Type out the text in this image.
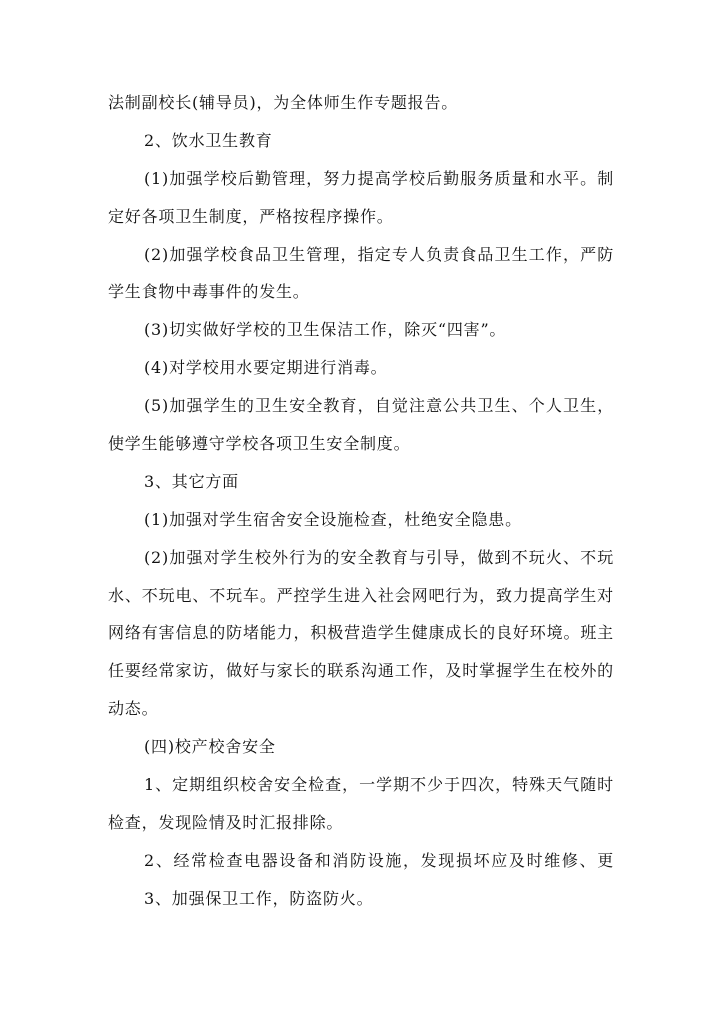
法制副校长(辅导员)，为全体师生作专题报告。
2、饮水卫生教育
(1)加强学校后勤管理，努力提高学校后勤服务质量和水平。制
定好各项卫生制度，严格按程序操作。
(2)加强学校食品卫生管理，指定专人负责食品卫生工作，严防
学生食物中毒事件的发生。
(3)切实做好学校的卫生保洁工作，除灭“四害”。
(4)对学校用水要定期进行消毒。
(5)加强学生的卫生安全教育，自觉注意公共卫生、个人卫生，
使学生能够遵守学校各项卫生安全制度。
3、其它方面
(1)加强对学生宿舍安全设施检查，杜绝安全隐患。
(2)加强对学生校外行为的安全教育与引导，做到不玩火、不玩
水、不玩电、不玩车。严控学生进入社会网吧行为，致力提高学生对
网络有害信息的防堵能力，积极营造学生健康成长的良好环境。班主
任要经常家访，做好与家长的联系沟通工作，及时掌握学生在校外的
动态。
(四)校产校舍安全
1、定期组织校舍安全检查，一学期不少于四次，特殊天气随时
检查，发现险情及时汇报排除。
2、经常检查电器设备和消防设施，发现损坏应及时维修、更
3、加强保卫工作，防盗防火。
